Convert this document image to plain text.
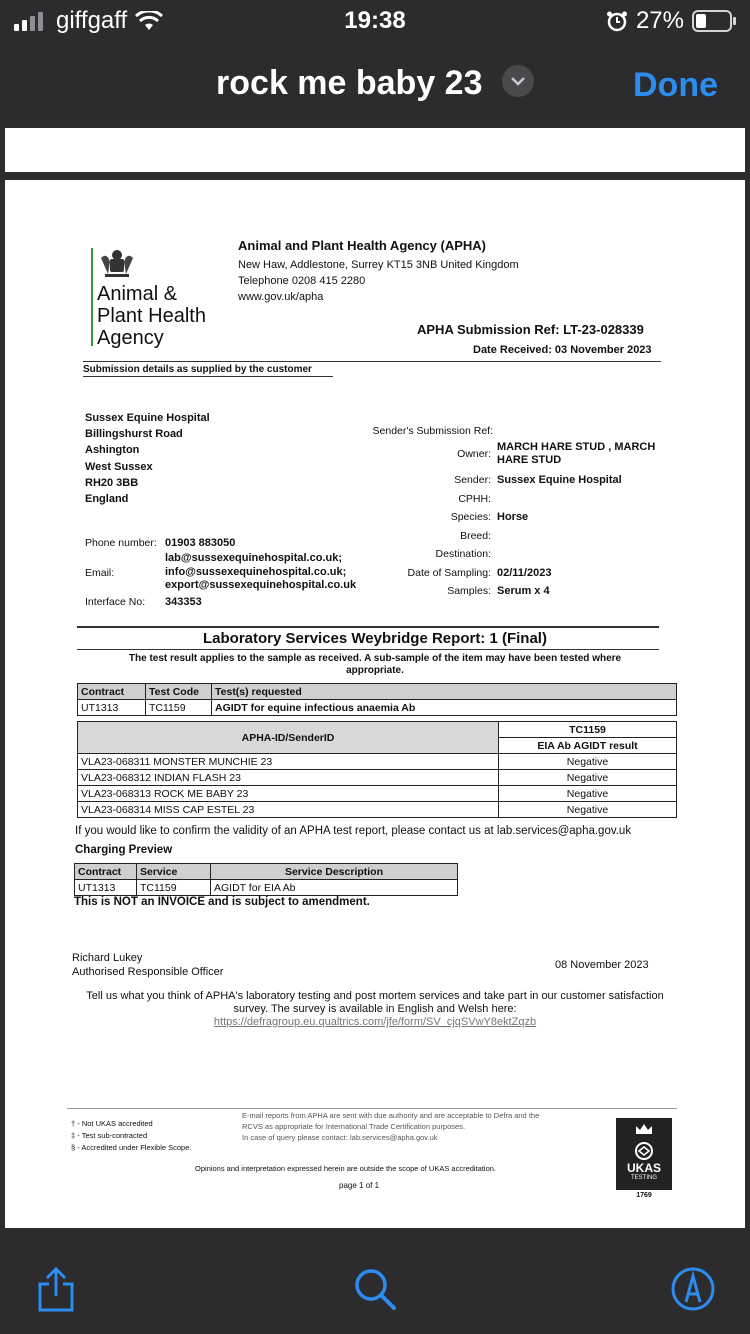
giffgaff	19:38	27%
rock me baby 23	Done
Animal &
Plant Health
Agency
Animal and Plant Health Agency (APHA)
New Haw, Addlestone, Surrey KT15 3NB United Kingdom
Telephone 0208 415 2280
www.gov.uk/apha
APHA Submission Ref: LT-23-028339
Date Received: 03 November 2023
Submission details as supplied by the customer
Sussex Equine Hospital
Billingshurst Road
Ashington
West Sussex
RH20 3BB
England
Phone number: 01903 883050
Email:
lab@sussexequinehospital.co.uk;
info@sussexequinehospital.co.uk;
export@sussexequinehospital.co.uk
Interface No: 343353
Sender's Submission Ref:
Owner:
MARCH HARE STUD , MARCH HARE STUD
Sender: Sussex Equine Hospital
CPHH:
Species: Horse
Breed:
Destination:
Date of Sampling: 02/11/2023
Samples: Serum x 4
Laboratory Services Weybridge Report: 1 (Final)
The test result applies to the sample as received. A sub-sample of the item may have been tested where appropriate.
Contract	Test Code	Test(s) requested
UT1313	TC1159	AGIDT for equine infectious anaemia Ab
APHA-ID/SenderID	TC1159
	EIA Ab AGIDT result
VLA23-068311 MONSTER MUNCHIE 23	Negative
VLA23-068312 INDIAN FLASH 23	Negative
VLA23-068313 ROCK ME BABY 23	Negative
VLA23-068314 MISS CAP ESTEL 23	Negative
If you would like to confirm the validity of an APHA test report, please contact us at lab.services@apha.gov.uk
Charging Preview
Contract	Service	Service Description
UT1313	TC1159	AGIDT for EIA Ab
This is NOT an INVOICE and is subject to amendment.
Richard Lukey
Authorised Responsible Officer
08 November 2023
Tell us what you think of APHA's laboratory testing and post mortem services and take part in our customer satisfaction survey. The survey is available in English and Welsh here:
https://defragroup.eu.qualtrics.com/jfe/form/SV_cjqSVwY8ektZqzb
† - Not UKAS accredited
‡ - Test sub-contracted
§ - Accredited under Flexible Scope.
E-mail reports from APHA are sent with due authority and are acceptable to Defra and the RCVS as appropriate for International Trade Certification purposes.
In case of query please contact: lab.services@apha.gov.uk
Opinions and interpretation expressed herein are outside the scope of UKAS accreditation.
page 1 of 1
UKAS
TESTING
1769
